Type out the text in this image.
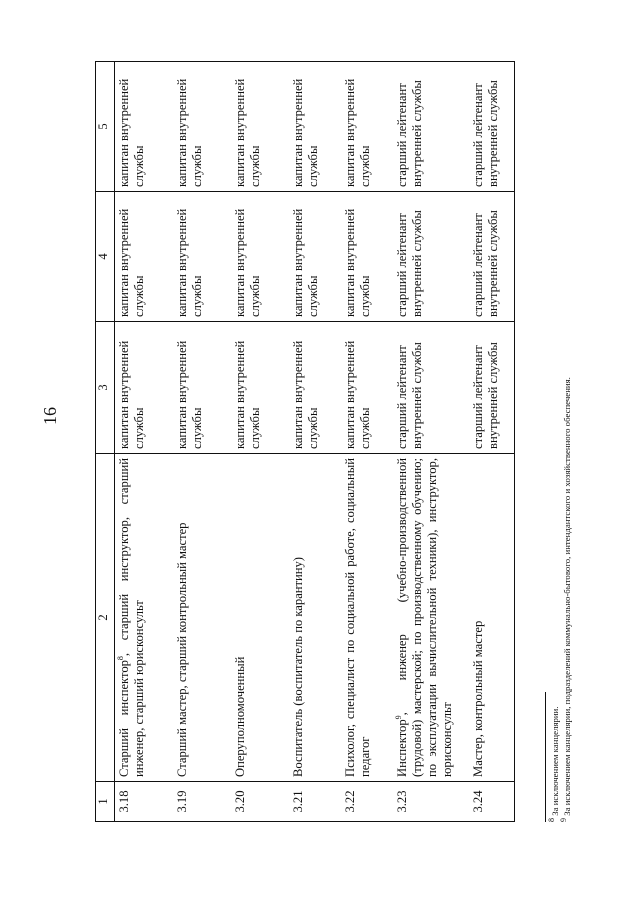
16
1	2	3	4	5
3.18	Старший инспектор$^8$, старший инструктор, старший инженер, старший юрисконсульт	капитан внутренней службы	капитан внутренней службы	капитан внутренней службы
3.19	Старший мастер, старший контрольный мастер	капитан внутренней службы	капитан внутренней службы	капитан внутренней службы
3.20	Оперуполномоченный	капитан внутренней службы	капитан внутренней службы	капитан внутренней службы
3.21	Воспитатель (воспитатель по карантину)	капитан внутренней службы	капитан внутренней службы	капитан внутренней службы
3.22	Психолог, специалист по социальной работе, социальный педагог	капитан внутренней службы	капитан внутренней службы	капитан внутренней службы
3.23	Инспектор$^9$, инженер (учебно-производственной (трудовой) мастерской; по производственному обучению; по эксплуатации вычислительной техники), инструктор, юрисконсульт	старший лейтенант внутренней службы	старший лейтенант внутренней службы	старший лейтенант внутренней службы
3.24	Мастер, контрольный мастер	старший лейтенант внутренней службы	старший лейтенант внутренней службы	старший лейтенант внутренней службы
$^8$ За исключением канцелярии.
$^9$ За исключением канцелярии, подразделений коммунально-бытового, интендантского и хозяйственного обеспечения.
